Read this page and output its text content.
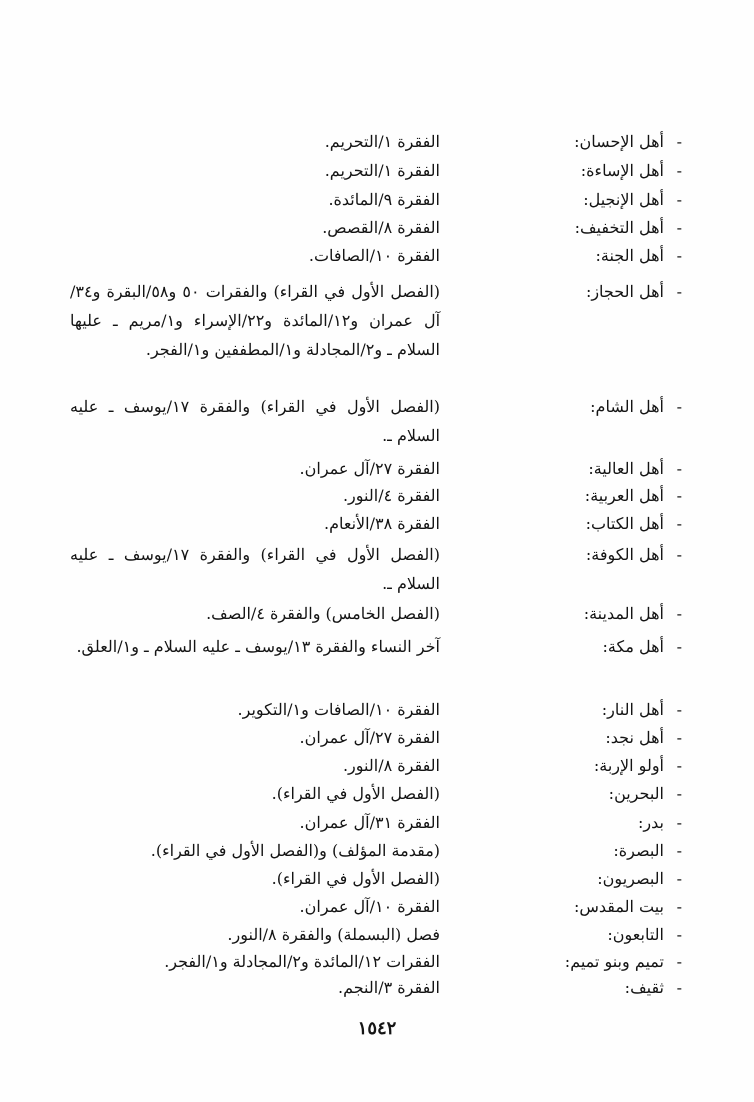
-
أهل الإحسان:
الفقرة ١/التحريم.
-
أهل الإساءة:
الفقرة ١/التحريم.
-
أهل الإنجيل:
الفقرة ٩/المائدة.
-
أهل التخفيف:
الفقرة ٨/القصص.
-
أهل الجنة:
الفقرة ١٠/الصافات.
-
أهل الحجاز:
(الفصل الأول في القراء) والفقرات ٥٠ و٥٨/البقرة و٣٤/آل عمران و١٢/المائدة و٢٢/الإسراء و١/مريم ـ عليها السلام ـ و٢/المجادلة و١/المطففين و١/الفجر.
-
أهل الشام:
(الفصل الأول في القراء) والفقرة ١٧/يوسف ـ عليه السلام ـ.
-
أهل العالية:
الفقرة ٢٧/آل عمران.
-
أهل العربية:
الفقرة ٤/النور.
-
أهل الكتاب:
الفقرة ٣٨/الأنعام.
-
أهل الكوفة:
(الفصل الأول في القراء) والفقرة ١٧/يوسف ـ عليه السلام ـ.
-
أهل المدينة:
(الفصل الخامس) والفقرة ٤/الصف.
-
أهل مكة:
آخر النساء والفقرة ١٣/يوسف ـ عليه السلام ـ و١/العلق.
-
أهل النار:
الفقرة ١٠/الصافات و١/التكوير.
-
أهل نجد:
الفقرة ٢٧/آل عمران.
-
أولو الإربة:
الفقرة ٨/النور.
-
البحرين:
(الفصل الأول في القراء).
-
بدر:
الفقرة ٣١/آل عمران.
-
البصرة:
(مقدمة المؤلف) و(الفصل الأول في القراء).
-
البصريون:
(الفصل الأول في القراء).
-
بيت المقدس:
الفقرة ١٠/آل عمران.
-
التابعون:
فصل (البسملة) والفقرة ٨/النور.
-
تميم وبنو تميم:
الفقرات ١٢/المائدة و٢/المجادلة و١/الفجر.
-
ثقيف:
الفقرة ٣/النجم.
١٥٤٢
